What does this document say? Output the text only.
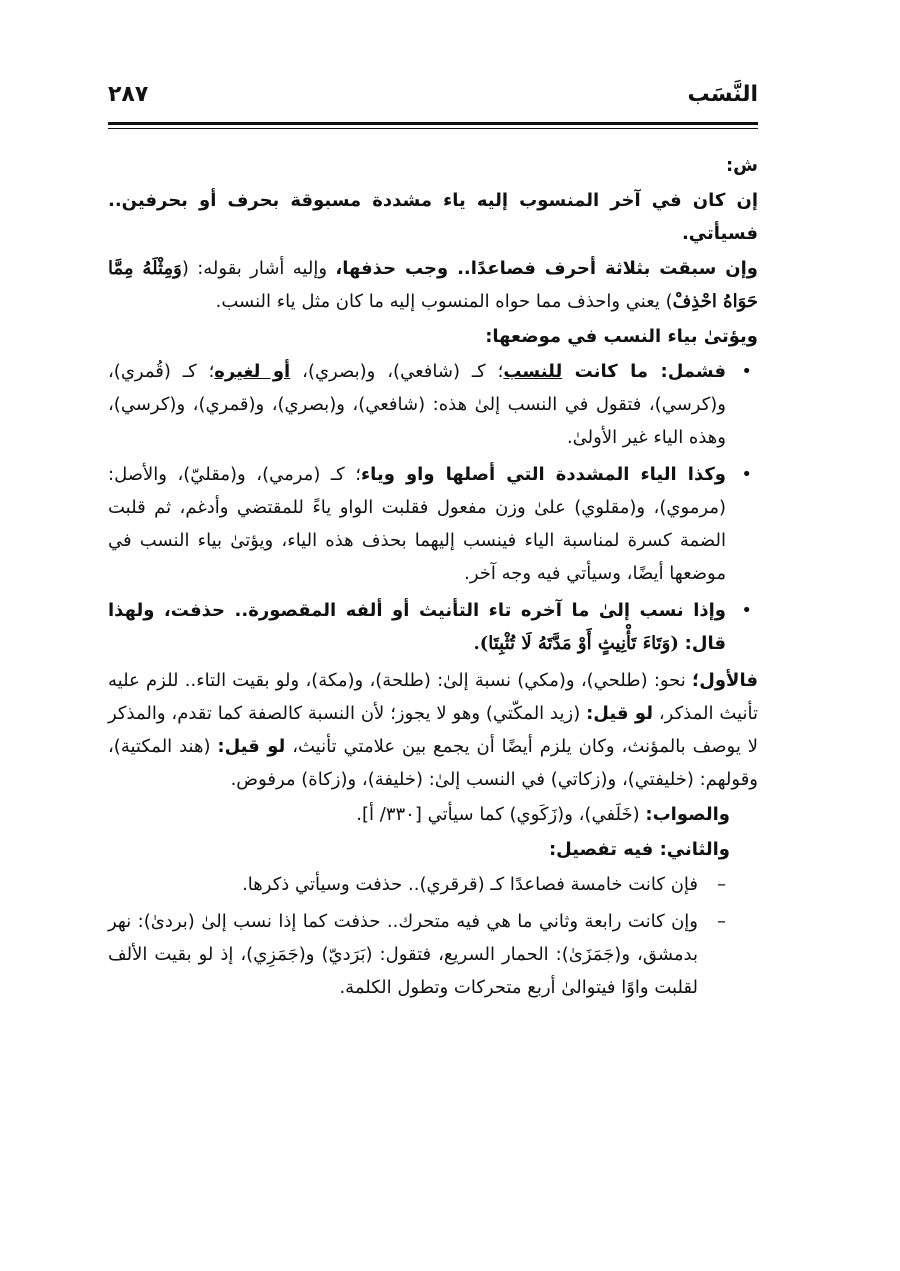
النَّسَب
٢٨٧

ش:

إن كان في آخر المنسوب إليه ياء مشددة مسبوقة بحرف أو بحرفين.. فسيأتي.

وإن سبقت بثلاثة أحرف فصاعدًا.. وجب حذفها، وإليه أشار بقوله: (وَمِثْلَهُ مِمَّا حَوَاهُ احْذِفْ) يعني واحذف مما حواه المنسوب إليه ما كان مثل ياء النسب.

ويؤتىٰ بياء النسب في موضعها:

• فشمل: ما كانت للنسب؛ كـ (شافعي)، و(بصري)، أو لغيره؛ كـ (قُمري)، و(كرسي)، فتقول في النسب إلىٰ هذه: (شافعي)، و(بصري)، و(قمري)، و(كرسي)، وهذه الياء غير الأولىٰ.
• وكذا الياء المشددة التي أصلها واو وياء؛ كـ (مرمي)، و(مقليّ)، والأصل: (مرموي)، و(مقلوي) علىٰ وزن مفعول فقلبت الواو ياءً للمقتضي وأدغم، ثم قلبت الضمة كسرة لمناسبة الياء فينسب إليهما بحذف هذه الياء، ويؤتىٰ بياء النسب في موضعها أيضًا، وسيأتي فيه وجه آخر.
• وإذا نسب إلىٰ ما آخره تاء التأنيث أو ألفه المقصورة.. حذفت، ولهذا قال: (وَتَاءَ تَأْنِيثٍ أَوْ مَدَّتَهُ لَا تُثْبِتَا).

فالأول؛ نحو: (طلحي)، و(مكي) نسبة إلىٰ: (طلحة)، و(مكة)، ولو بقيت التاء.. للزم عليه تأنيث المذكر، لو قيل: (زيد المكّتي) وهو لا يجوز؛ لأن النسبة كالصفة كما تقدم، والمذكر لا يوصف بالمؤنث، وكان يلزم أيضًا أن يجمع بين علامتي تأنيث، لو قيل: (هند المكتية)، وقولهم: (خليفتي)، و(زكاتي) في النسب إلىٰ: (خليفة)، و(زكاة) مرفوض.

والصواب: (خَلَفي)، و(زَكَوي) كما سيأتي [٣٣٠/ أ].

والثاني: فيه تفصيل:

– فإن كانت خامسة فصاعدًا كـ (قرقري).. حذفت وسيأتي ذكرها.
– وإن كانت رابعة وثاني ما هي فيه متحرك.. حذفت كما إذا نسب إلىٰ (بردىٰ): نهر بدمشق، و(جَمَزَىٰ): الحمار السريع، فتقول: (بَرَديّ) و(جَمَزِي)، إذ لو بقيت الألف لقلبت واوًا فيتوالىٰ أربع متحركات وتطول الكلمة.
